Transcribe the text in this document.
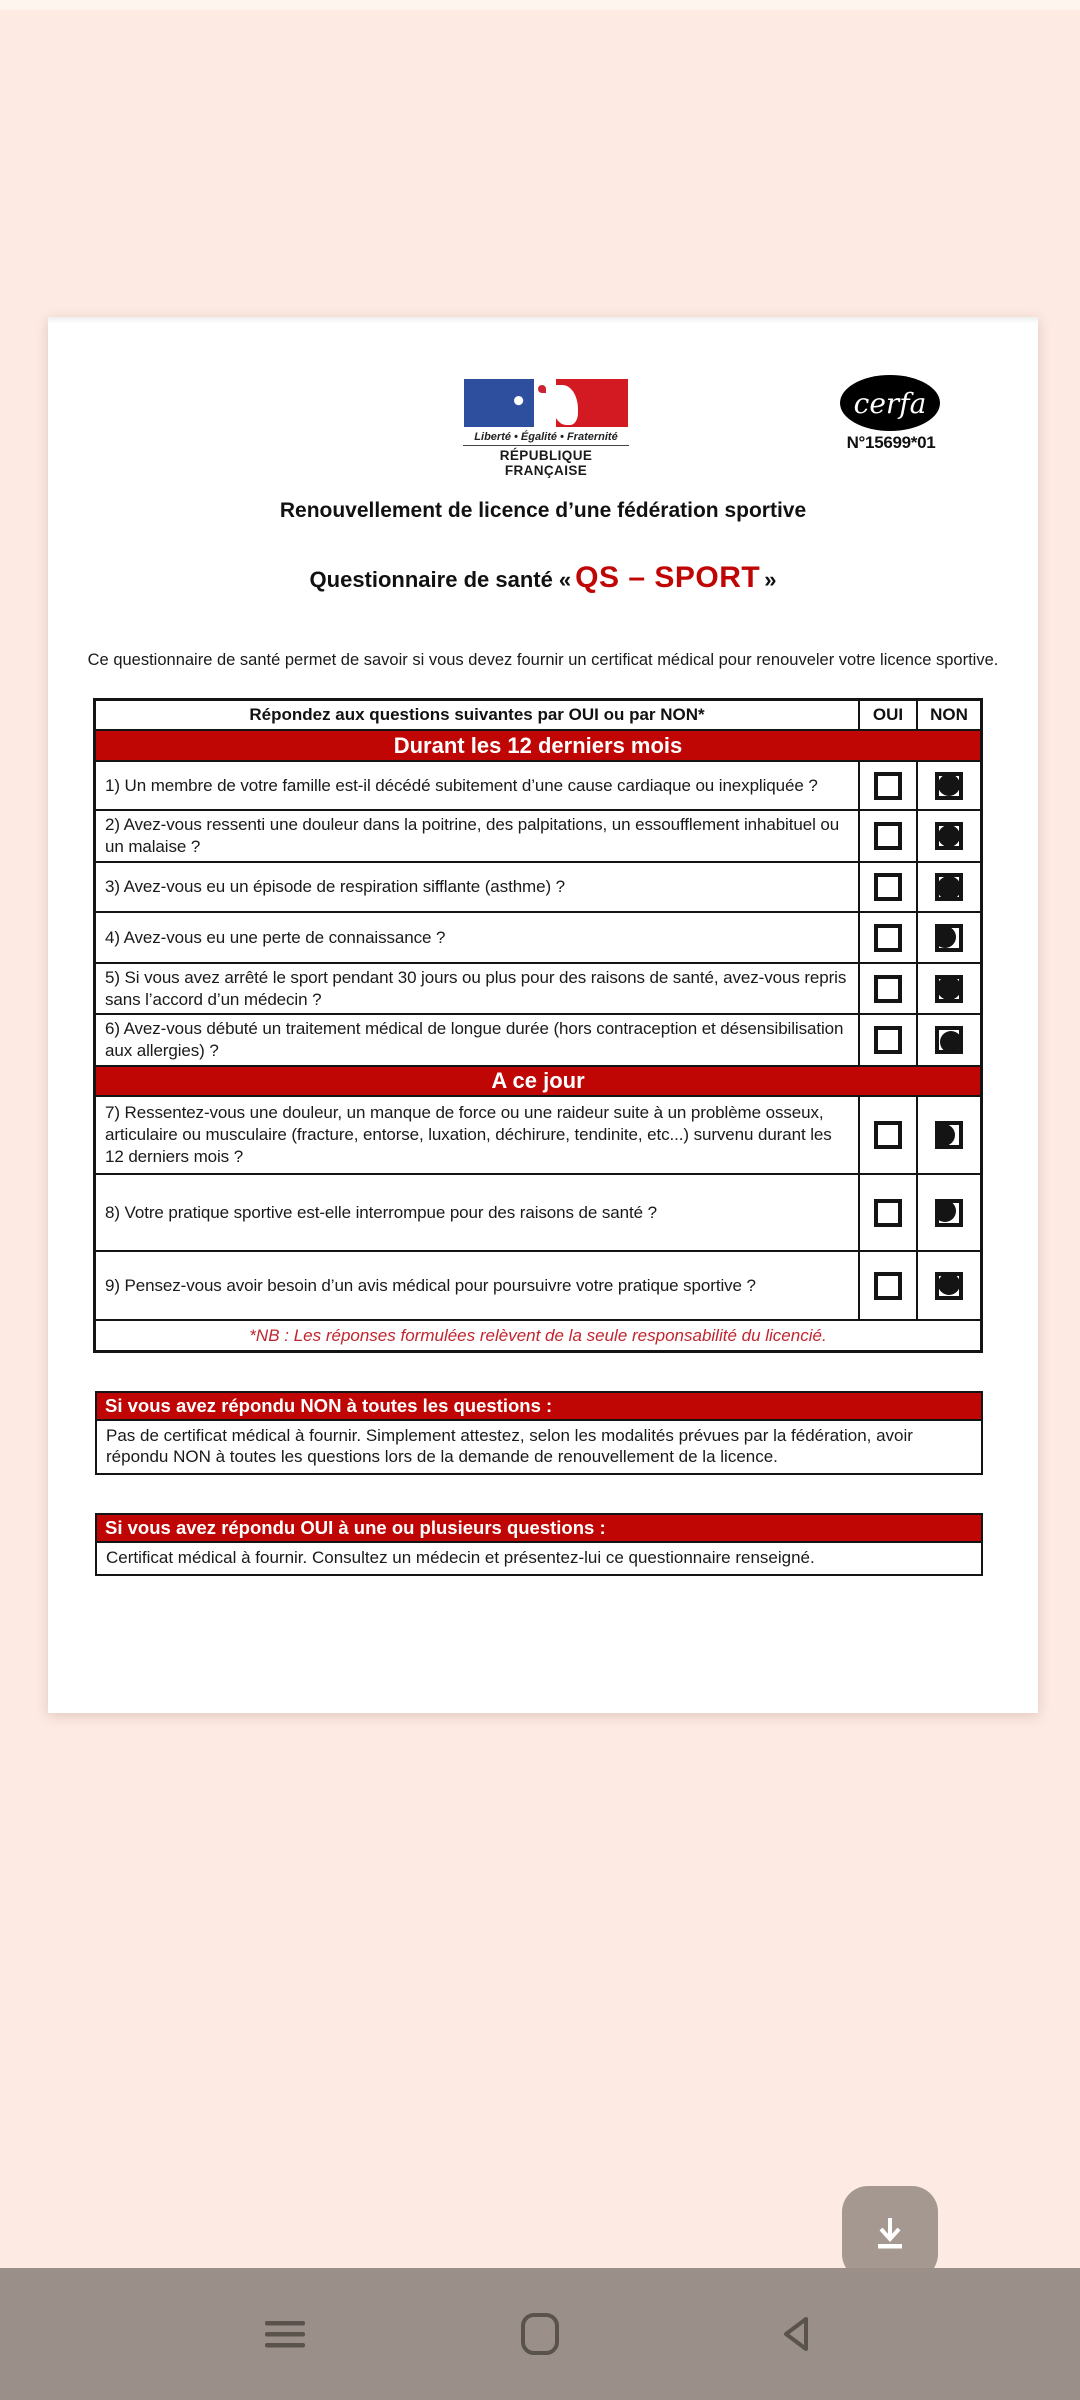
Liberté • Égalité • Fraternité
RÉPUBLIQUE FRANÇAISE
cerfa
N°15699*01
Renouvellement de licence d’une fédération sportive
Questionnaire de santé « QS – SPORT »
Ce questionnaire de santé permet de savoir si vous devez fournir un certificat médical pour renouveler votre licence sportive.
Répondez aux questions suivantes par OUI ou par NON*	OUI	NON
Durant les 12 derniers mois
1) Un membre de votre famille est-il décédé subitement d’une cause cardiaque ou inexpliquée ?
2) Avez-vous ressenti une douleur dans la poitrine, des palpitations, un essoufflement inhabituel ou un malaise ?
3) Avez-vous eu un épisode de respiration sifflante (asthme) ?
4) Avez-vous eu une perte de connaissance ?
5) Si vous avez arrêté le sport pendant 30 jours ou plus pour des raisons de santé, avez-vous repris sans l’accord d’un médecin ?
6) Avez-vous débuté un traitement médical de longue durée (hors contraception et désensibilisation aux allergies) ?
A ce jour
7) Ressentez-vous une douleur, un manque de force ou une raideur suite à un problème osseux, articulaire ou musculaire (fracture, entorse, luxation, déchirure, tendinite, etc...) survenu durant les 12 derniers mois ?
8) Votre pratique sportive est-elle interrompue pour des raisons de santé ?
9) Pensez-vous avoir besoin d’un avis médical pour poursuivre votre pratique sportive ?
*NB : Les réponses formulées relèvent de la seule responsabilité du licencié.
Si vous avez répondu NON à toutes les questions :
Pas de certificat médical à fournir. Simplement attestez, selon les modalités prévues par la fédération, avoir répondu NON à toutes les questions lors de la demande de renouvellement de la licence.
Si vous avez répondu OUI à une ou plusieurs questions :
Certificat médical à fournir. Consultez un médecin et présentez-lui ce questionnaire renseigné.
